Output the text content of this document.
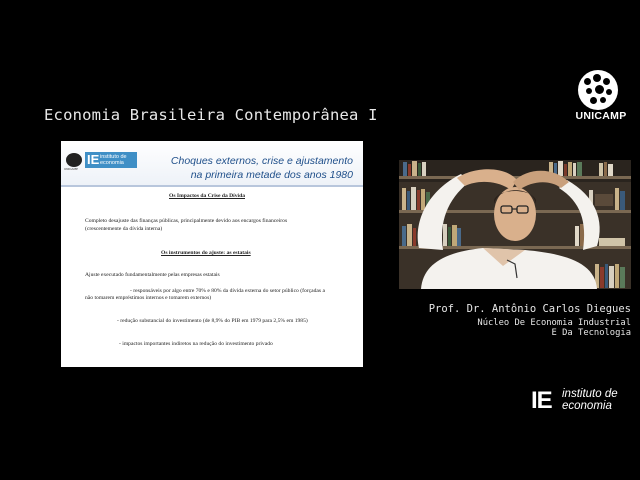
Economia Brasileira Contemporânea I	UNICAMP
UNICAMP
IE instituto de economia	Choques externos, crise e ajustamento
na primeira metade dos anos 1980
Os Impactos da Crise da Dívida
Completo desajuste das finanças públicas, principalmente devido aos encargos financeiros
(crescentemente da dívida interna)
Os instrumentos do ajuste: as estatais
Ajuste executado fundamentalmente pelas empresas estatais
- responsáveis por algo entre 70% e 80% da dívida externa do setor público (forçadas a
não tomarem empréstimos internos e tomarem externos)
- redução substancial do investimento (de 8,9% do PIB em 1979 para 2,5% em 1985)
- impactos importantes indiretos na redução do investimento privado
Prof. Dr. Antônio Carlos Diegues
Núcleo De Economia Industrial
E Da Tecnologia
IE instituto de
economia
